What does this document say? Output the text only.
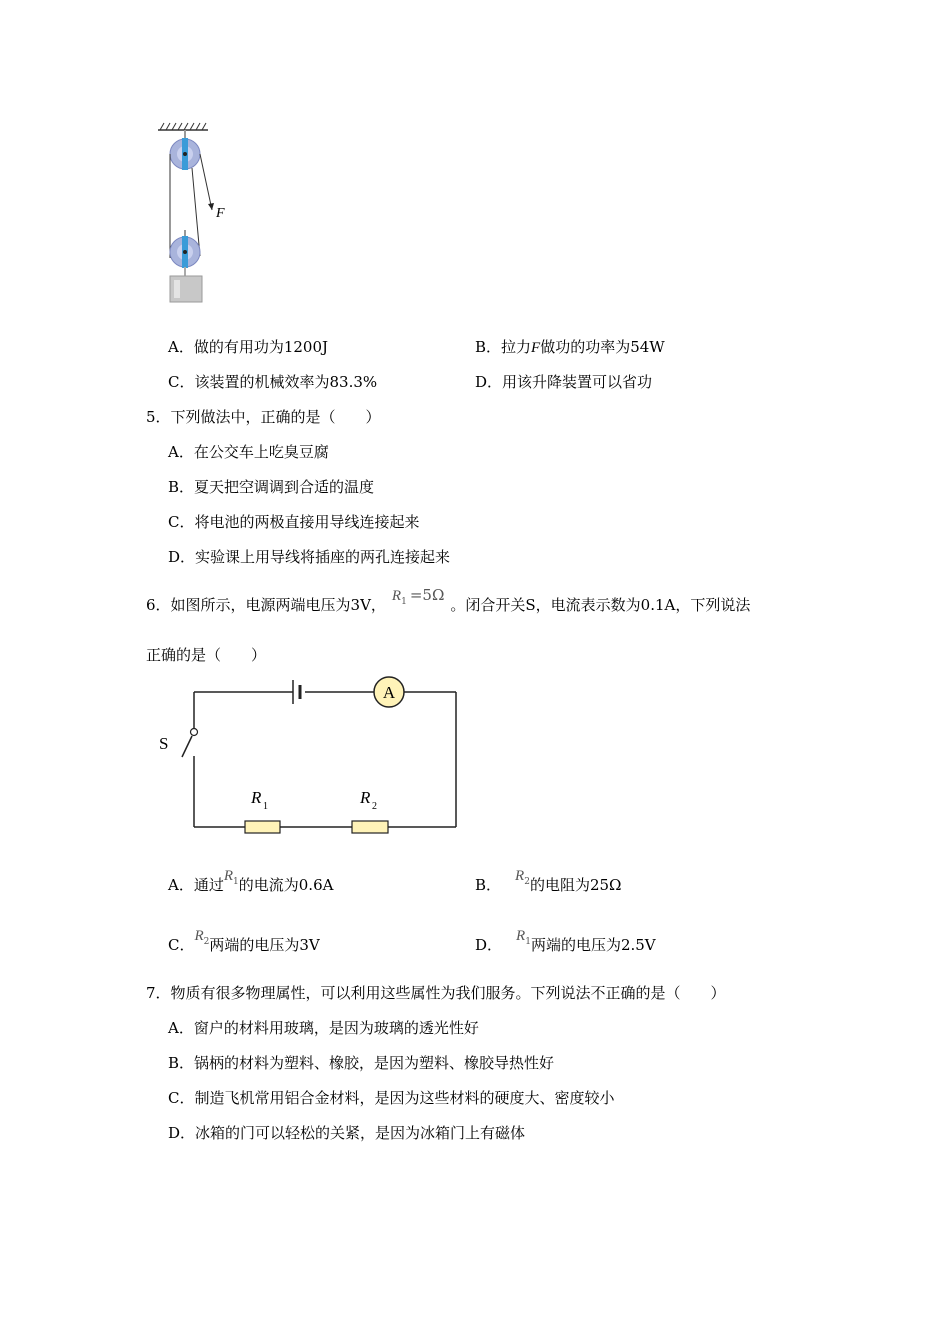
F
A．做的有用功为1200J	B．拉力F做功的功率为54W
C．该装置的机械效率为83.3%	D．用该升降装置可以省功
5．下列做法中，正确的是（　　）
A．在公交车上吃臭豆腐
B．夏天把空调调到合适的温度
C．将电池的两极直接用导线连接起来
D．实验课上用导线将插座的两孔连接起来
6．如图所示，电源两端电压为3V， $R_1 =5\Omega$。闭合开关S，电流表示数为0.1A，下列说法
正确的是（　　）
A
S
R 1	R 2
A．通过$R_1$的电流为0.6A	B． $R_2$的电阻为25Ω
C．$R_2$两端的电压为3V	D． $R_1$两端的电压为2.5V
7．物质有很多物理属性，可以利用这些属性为我们服务。下列说法不正确的是（　　）
A．窗户的材料用玻璃，是因为玻璃的透光性好
B．锅柄的材料为塑料、橡胶，是因为塑料、橡胶导热性好
C．制造飞机常用铝合金材料，是因为这些材料的硬度大、密度较小
D．冰箱的门可以轻松的关紧，是因为冰箱门上有磁体
